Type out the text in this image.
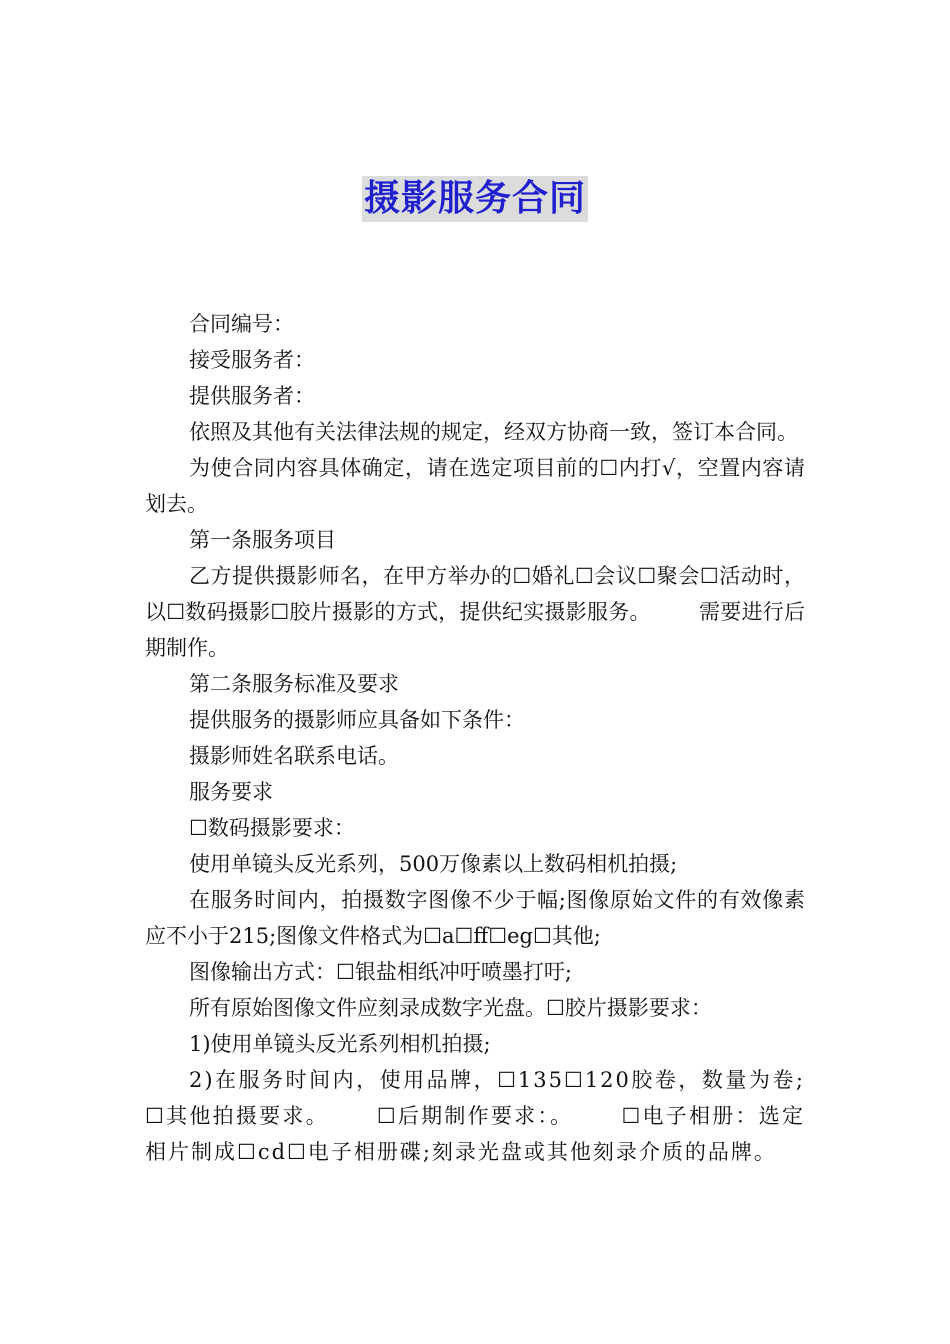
摄影服务合同

合同编号：

接受服务者：

提供服务者：

依照及其他有关法律法规的规定，经双方协商一致，签订本合同。

为使合同内容具体确定，请在选定项目前的☐内打√，空置内容请划去。

第一条服务项目

乙方提供摄影师名，在甲方举办的☐婚礼☐会议☐聚会☐活动时，以☐数码摄影☐胶片摄影的方式，提供纪实摄影服务。 需要进行后期制作。

第二条服务标准及要求

提供服务的摄影师应具备如下条件：

摄影师姓名联系电话。

服务要求

☐数码摄影要求：

使用单镜头反光系列，500万像素以上数码相机拍摄;

在服务时间内，拍摄数字图像不少于幅;图像原始文件的有效像素应不小于215;图像文件格式为☐a☐ff☐eg☐其他;

图像输出方式：☐银盐相纸冲吁喷墨打吁;

所有原始图像文件应刻录成数字光盘。☐胶片摄影要求：

1)使用单镜头反光系列相机拍摄;

2)在服务时间内，使用品牌，☐135☐120胶卷，数量为卷;☐其他拍摄要求。 ☐后期制作要求：。 ☐电子相册：选定相片制成☐cd☐电子相册碟;刻录光盘或其他刻录介质的品牌。
